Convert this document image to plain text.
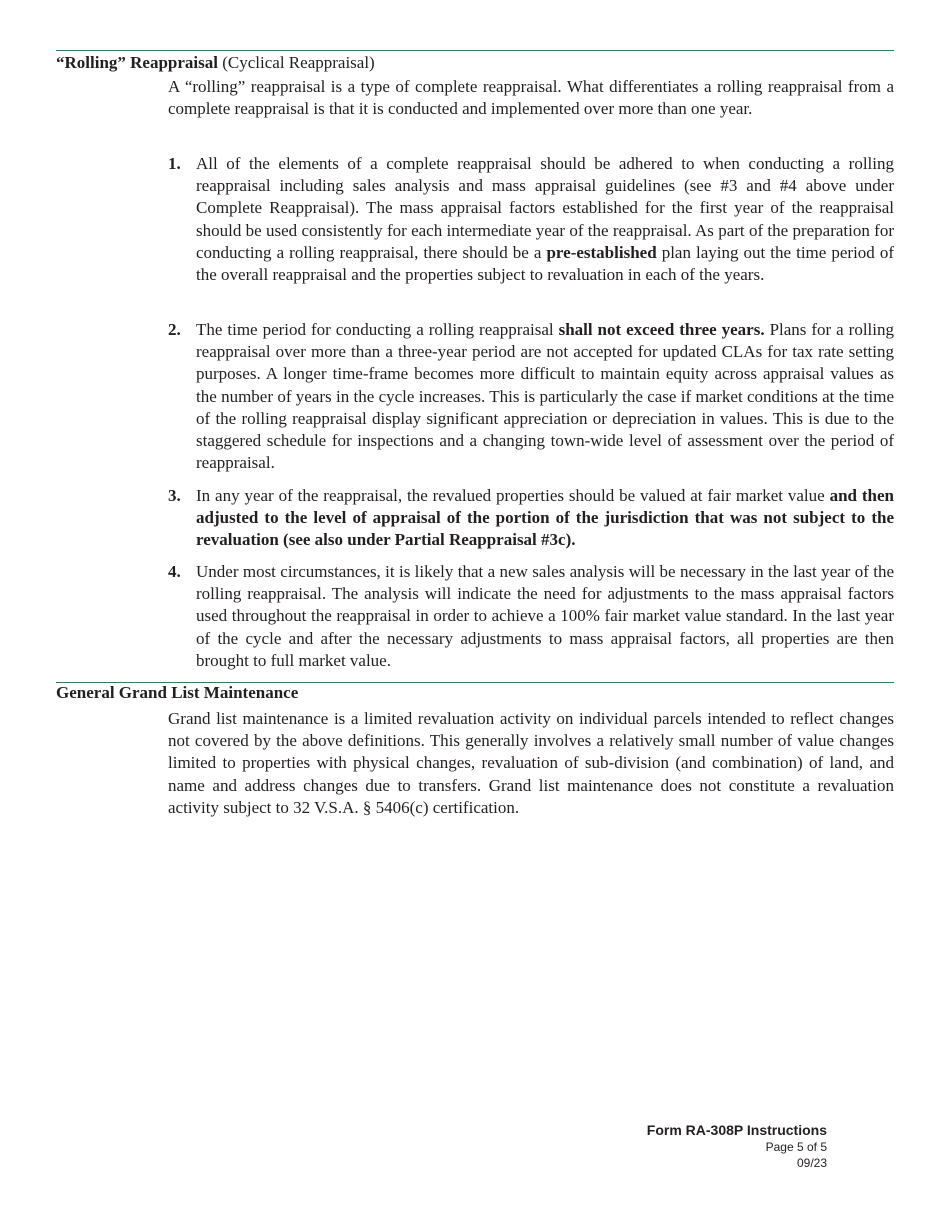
“Rolling” Reappraisal (Cyclical Reappraisal)

A “rolling” reappraisal is a type of complete reappraisal. What differentiates a rolling reappraisal from a complete reappraisal is that it is conducted and implemented over more than one year.

1. All of the elements of a complete reappraisal should be adhered to when conducting a rolling reappraisal including sales analysis and mass appraisal guidelines (see #3 and #4 above under Complete Reappraisal). The mass appraisal factors established for the first year of the reappraisal should be used consistently for each intermediate year of the reappraisal. As part of the preparation for conducting a rolling reappraisal, there should be a pre-established plan laying out the time period of the overall reappraisal and the properties subject to revaluation in each of the years.
2. The time period for conducting a rolling reappraisal shall not exceed three years. Plans for a rolling reappraisal over more than a three-year period are not accepted for updated CLAs for tax rate setting purposes. A longer time-frame becomes more difficult to maintain equity across appraisal values as the number of years in the cycle increases. This is particularly the case if market conditions at the time of the rolling reappraisal display significant appreciation or depreciation in values. This is due to the staggered schedule for inspections and a changing town-wide level of assessment over the period of reappraisal.
3. In any year of the reappraisal, the revalued properties should be valued at fair market value and then adjusted to the level of appraisal of the portion of the jurisdiction that was not subject to the revaluation (see also under Partial Reappraisal #3c).
4. Under most circumstances, it is likely that a new sales analysis will be necessary in the last year of the rolling reappraisal. The analysis will indicate the need for adjustments to the mass appraisal factors used throughout the reappraisal in order to achieve a 100% fair market value standard. In the last year of the cycle and after the necessary adjustments to mass appraisal factors, all properties are then brought to full market value.
General Grand List Maintenance

Grand list maintenance is a limited revaluation activity on individual parcels intended to reflect changes not covered by the above definitions. This generally involves a relatively small number of value changes limited to properties with physical changes, revaluation of sub-division (and combination) of land, and name and address changes due to transfers. Grand list maintenance does not constitute a revaluation activity subject to 32 V.S.A. § 5406(c) certification.

Form RA-308P Instructions
Page 5 of 5
09/23
